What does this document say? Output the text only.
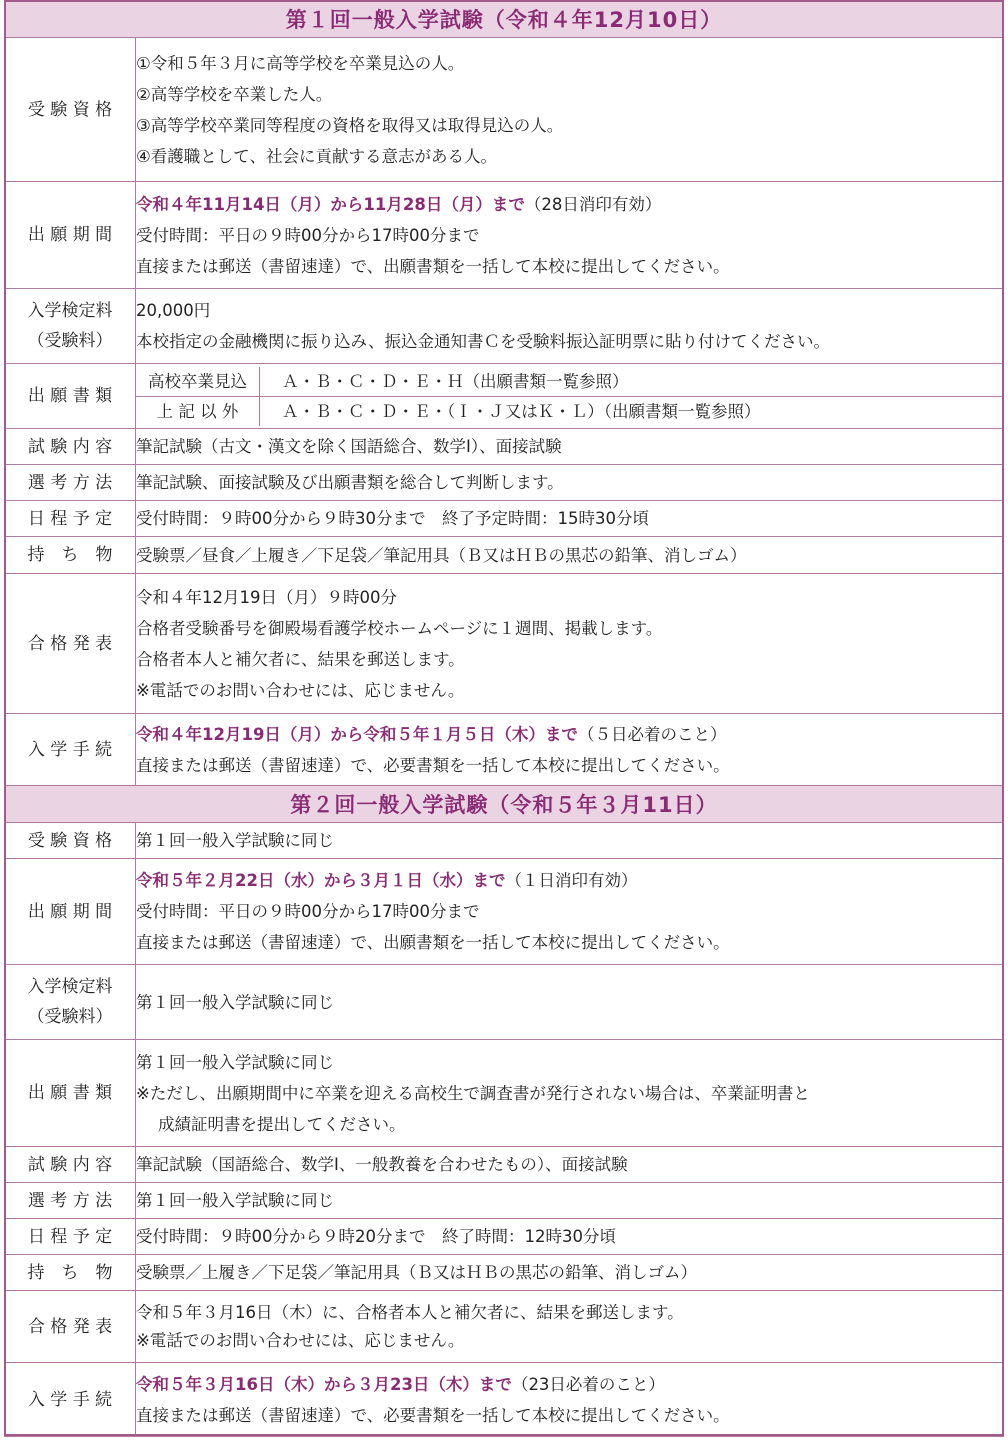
第１回一般入学試験（令和４年12月10日）
受 験 資 格	
①令和５年３月に高等学校を卒業見込の人。
②高等学校を卒業した人。
③高等学校卒業同等程度の資格を取得又は取得見込の人。
④看護職として、社会に貢献する意志がある人。

出 願 期 間	
令和４年11月14日（月）から11月28日（月）まで（28日消印有効）
受付時間：平日の９時00分から17時00分まで
直接または郵送（書留速達）で、出願書類を一括して本校に提出してください。

入学検定料
（受験料）	
20,000円
本校指定の金融機関に振り込み、振込金通知書Ｃを受験料振込証明票に貼り付けてください。

出 願 書 類	
高校卒業見込	Ａ・Ｂ・Ｃ・Ｄ・Ｅ・Ｈ（出願書類一覧参照）
上 記 以 外	Ａ・Ｂ・Ｃ・Ｄ・Ｅ・（Ｉ・Ｊ又はＫ・Ｌ）（出願書類一覧参照）

試 験 内 容	筆記試験（古文・漢文を除く国語総合、数学Ⅰ）、面接試験

選 考 方 法	筆記試験、面接試験及び出願書類を総合して判断します。

日 程 予 定	受付時間：９時00分から９時30分まで　終了予定時間：15時30分頃

持　ち　物	受験票／昼食／上履き／下足袋／筆記用具（Ｂ又はＨＢの黒芯の鉛筆、消しゴム）

合 格 発 表	
令和４年12月19日（月）９時00分
合格者受験番号を御殿場看護学校ホームページに１週間、掲載します。
合格者本人と補欠者に、結果を郵送します。
※電話でのお問い合わせには、応じません。

入 学 手 続	
令和４年12月19日（月）から令和５年１月５日（木）まで（５日必着のこと）
直接または郵送（書留速達）で、必要書類を一括して本校に提出してください。

第２回一般入学試験（令和５年３月11日）
受 験 資 格	第１回一般入学試験に同じ

出 願 期 間	
令和５年２月22日（水）から３月１日（水）まで（１日消印有効）
受付時間：平日の９時00分から17時00分まで
直接または郵送（書留速達）で、出願書類を一括して本校に提出してください。

入学検定料
（受験料）	
第１回一般入学試験に同じ

出 願 書 類	
第１回一般入学試験に同じ
※ただし、出願期間中に卒業を迎える高校生で調査書が発行されない場合は、卒業証明書と
成績証明書を提出してください。

試 験 内 容	筆記試験（国語総合、数学Ⅰ、一般教養を合わせたもの）、面接試験

選 考 方 法	第１回一般入学試験に同じ

日 程 予 定	受付時間：９時00分から９時20分まで　終了時間：12時30分頃

持　ち　物	受験票／上履き／下足袋／筆記用具（Ｂ又はＨＢの黒芯の鉛筆、消しゴム）

合 格 発 表	
令和５年３月16日（木）に、合格者本人と補欠者に、結果を郵送します。
※電話でのお問い合わせには、応じません。

入 学 手 続	
令和５年３月16日（木）から３月23日（木）まで（23日必着のこと）
直接または郵送（書留速達）で、必要書類を一括して本校に提出してください。
